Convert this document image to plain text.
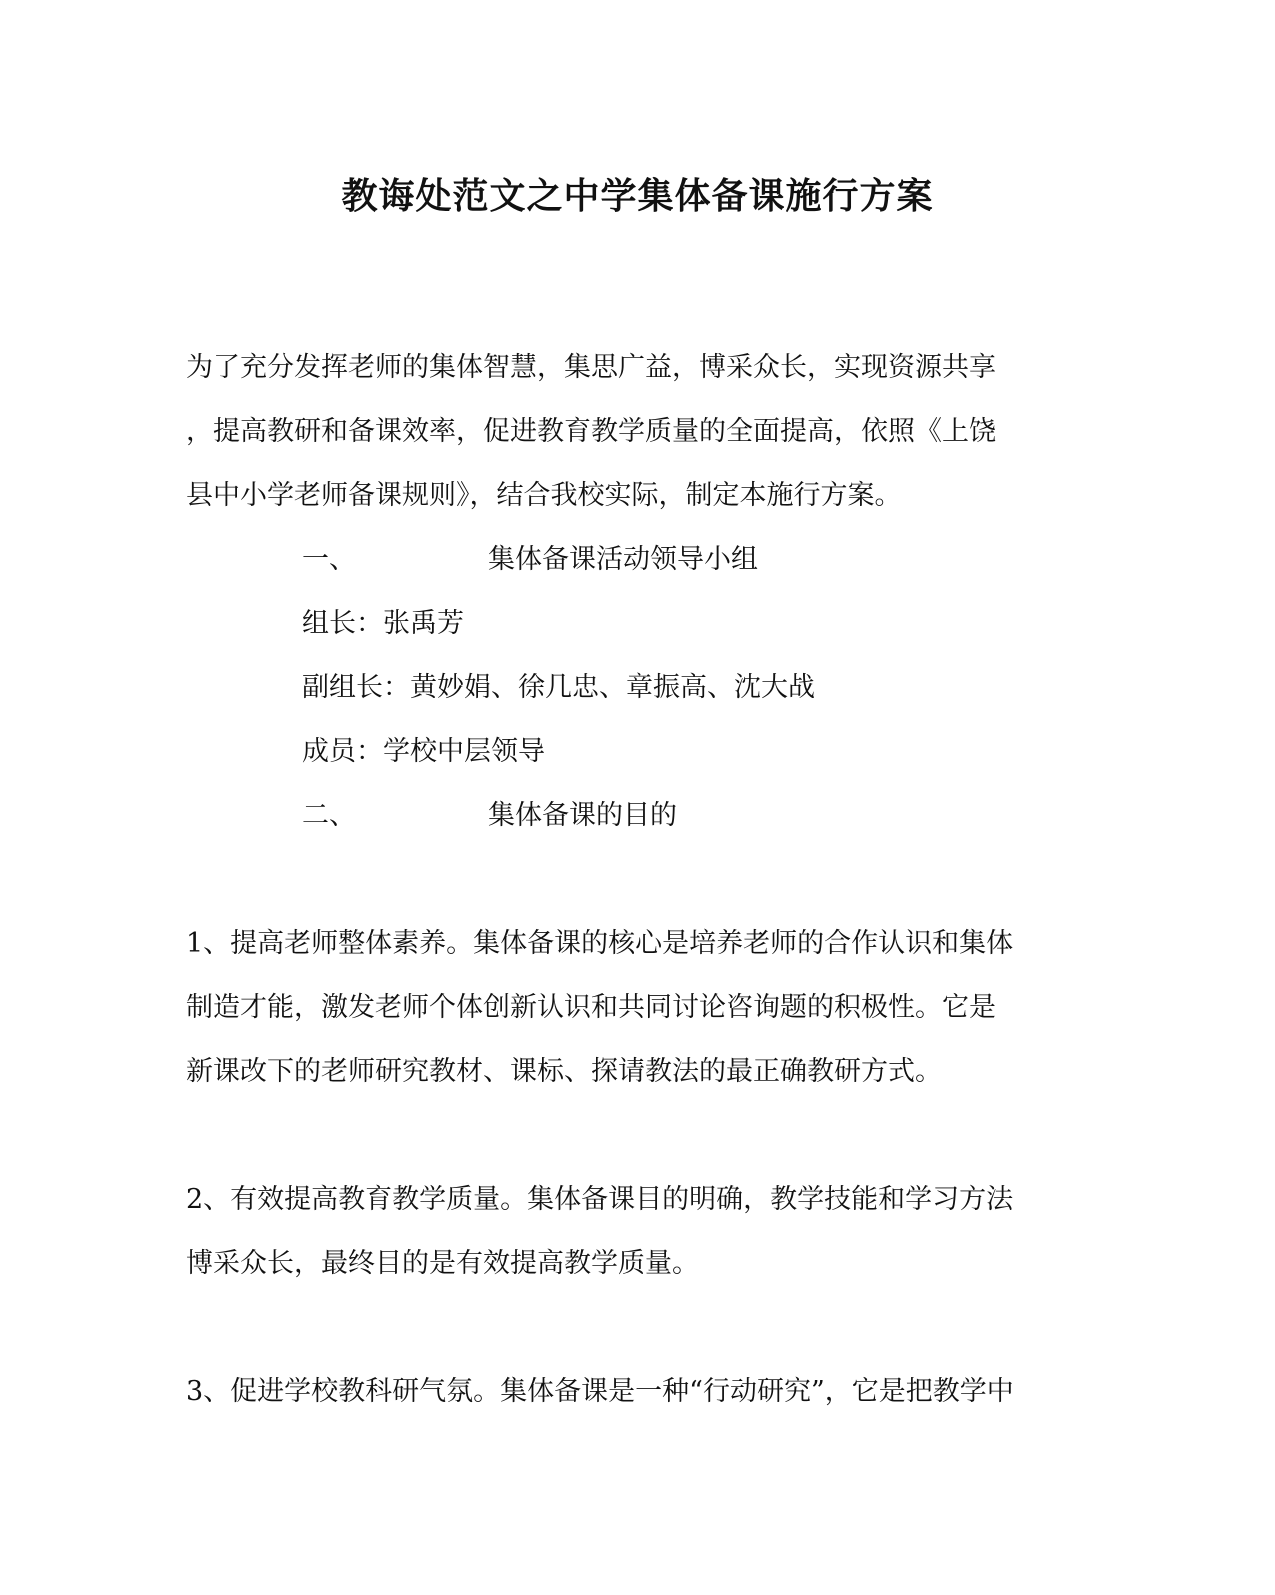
教诲处范文之中学集体备课施行方案
为了充分发挥老师的集体智慧，集思广益，博采众长，实现资源共享
，提高教研和备课效率，促进教育教学质量的全面提高，依照《上饶
县中小学老师备课规则》，结合我校实际，制定本施行方案。
一、	集体备课活动领导小组
组长：张禹芳
副组长：黄妙娟、徐几忠、章振高、沈大战
成员：学校中层领导
二、	集体备课的目的
1、提高老师整体素养。集体备课的核心是培养老师的合作认识和集体
制造才能，激发老师个体创新认识和共同讨论咨询题的积极性。它是
新课改下的老师研究教材、课标、探请教法的最正确教研方式。
2、有效提高教育教学质量。集体备课目的明确，教学技能和学习方法
博采众长，最终目的是有效提高教学质量。
3、促进学校教科研气氛。集体备课是一种“行动研究”，它是把教学中
